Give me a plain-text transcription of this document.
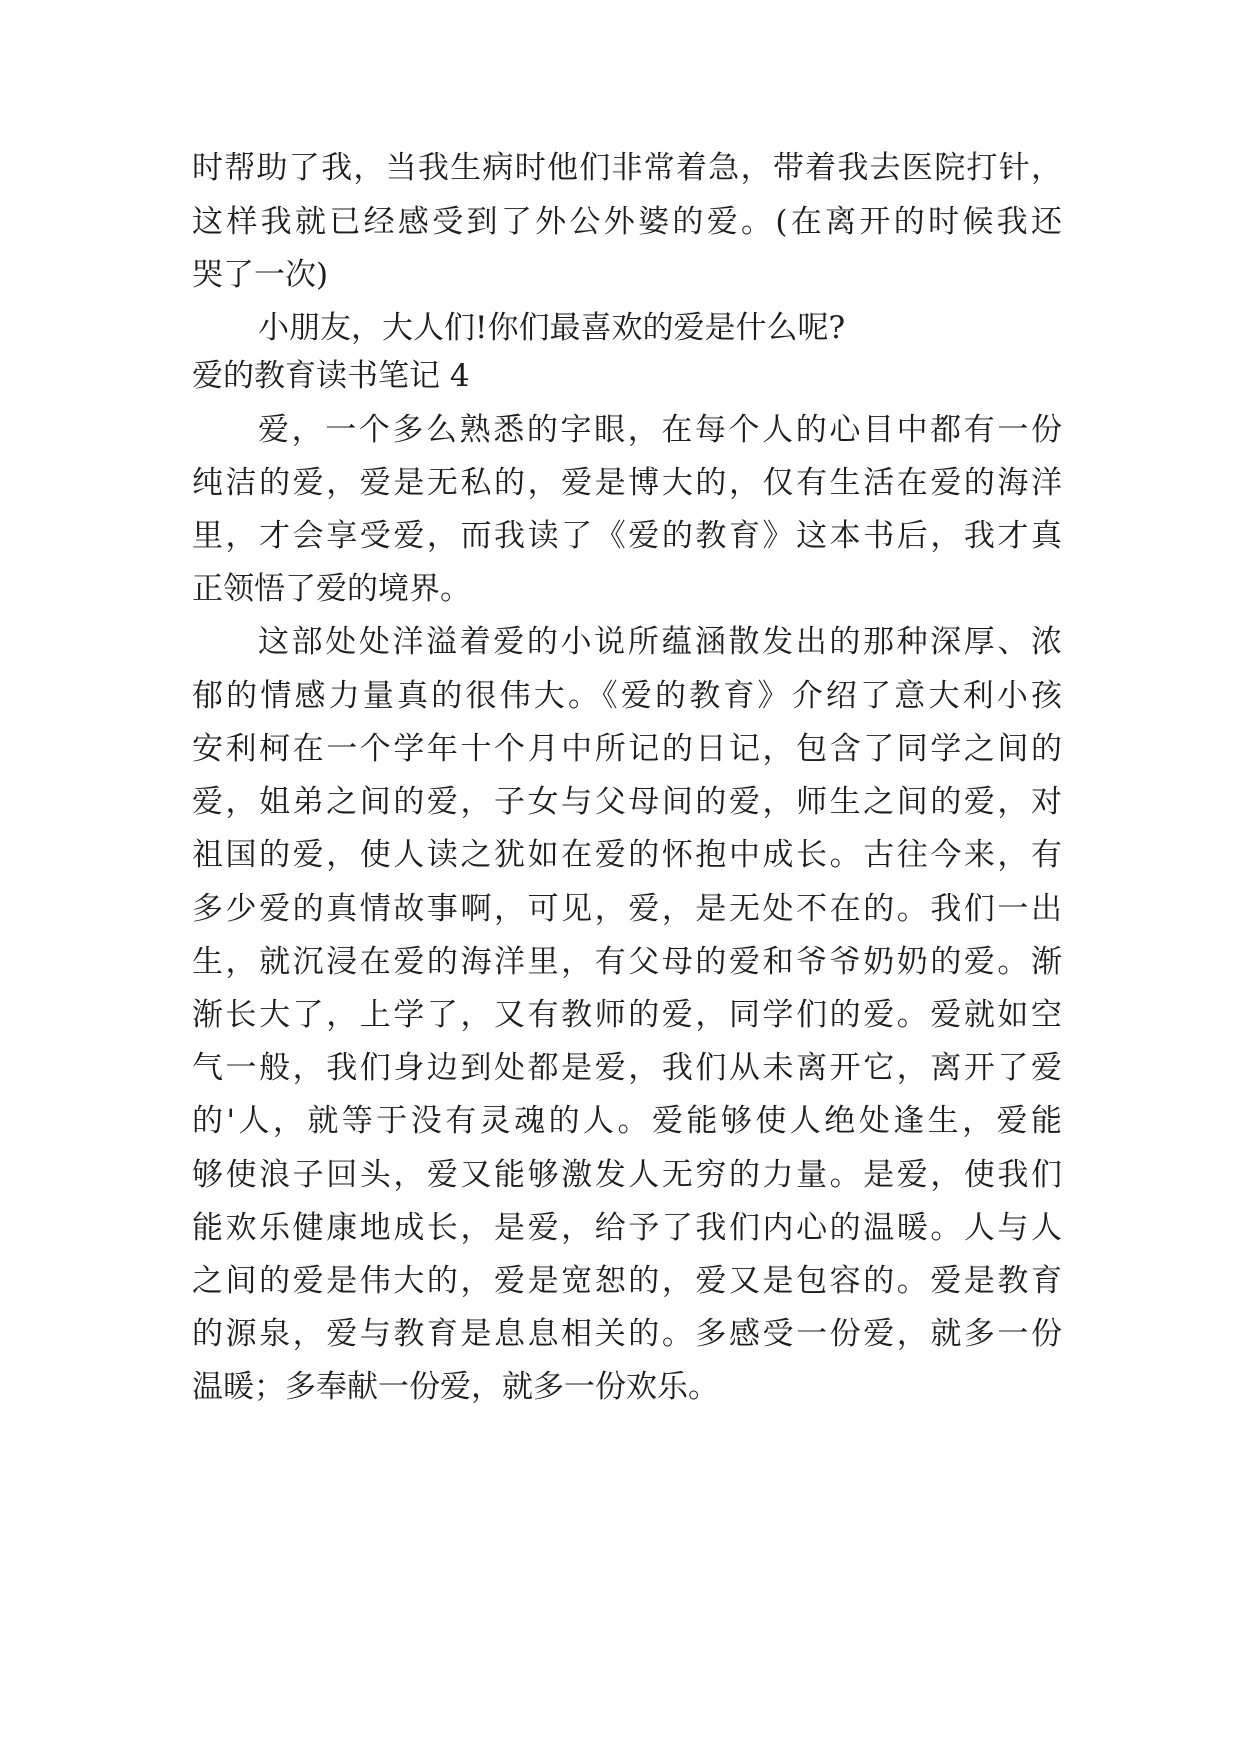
时帮助了我，当我生病时他们非常着急，带着我去医院打针，

这样我就已经感受到了外公外婆的爱。(在离开的时候我还

哭了一次)

小朋友，大人们!你们最喜欢的爱是什么呢?

爱的教育读书笔记 4

爱，一个多么熟悉的字眼，在每个人的心目中都有一份

纯洁的爱，爱是无私的，爱是博大的，仅有生活在爱的海洋

里，才会享受爱，而我读了《爱的教育》这本书后，我才真

正领悟了爱的境界。

这部处处洋溢着爱的小说所蕴涵散发出的那种深厚、浓

郁的情感力量真的很伟大。《爱的教育》介绍了意大利小孩

安利柯在一个学年十个月中所记的日记，包含了同学之间的

爱，姐弟之间的爱，子女与父母间的爱，师生之间的爱，对

祖国的爱，使人读之犹如在爱的怀抱中成长。古往今来，有

多少爱的真情故事啊，可见，爱，是无处不在的。我们一出

生，就沉浸在爱的海洋里，有父母的爱和爷爷奶奶的爱。渐

渐长大了，上学了，又有教师的爱，同学们的爱。爱就如空

气一般，我们身边到处都是爱，我们从未离开它，离开了爱

的'人，就等于没有灵魂的人。爱能够使人绝处逢生，爱能

够使浪子回头，爱又能够激发人无穷的力量。是爱，使我们

能欢乐健康地成长，是爱，给予了我们内心的温暖。人与人

之间的爱是伟大的，爱是宽恕的，爱又是包容的。爱是教育

的源泉，爱与教育是息息相关的。多感受一份爱，就多一份

温暖；多奉献一份爱，就多一份欢乐。
